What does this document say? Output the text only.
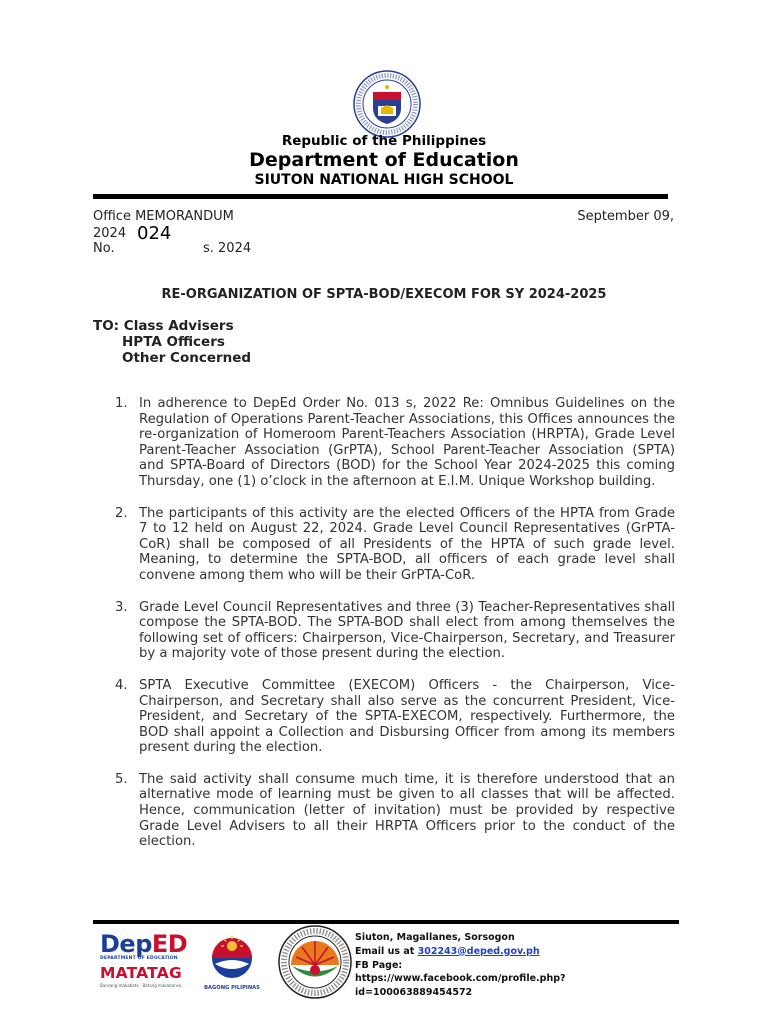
Republic of the Philippines
Department of Education
SIUTON NATIONAL HIGH SCHOOL
Office MEMORANDUM	September 09,
2024 024
No.	s. 2024
RE-ORGANIZATION OF SPTA-BOD/EXECOM FOR SY 2024-2025
TO: Class Advisers
HPTA Officers
Other Concerned
1. In adherence to DepEd Order No. 013 s, 2022 Re: Omnibus Guidelines on the Regulation of Operations Parent-Teacher Associations, this Offices announces the re-organization of Homeroom Parent-Teachers Association (HRPTA), Grade Level Parent-Teacher Association (GrPTA), School Parent-Teacher Association (SPTA) and SPTA-Board of Directors (BOD) for the School Year 2024-2025 this coming Thursday, one (1) o’clock in the afternoon at E.I.M. Unique Workshop building.
2. The participants of this activity are the elected Officers of the HPTA from Grade 7 to 12 held on August 22, 2024. Grade Level Council Representatives (GrPTA-CoR) shall be composed of all Presidents of the HPTA of such grade level. Meaning, to determine the SPTA-BOD, all officers of each grade level shall convene among them who will be their GrPTA-CoR.
3. Grade Level Council Representatives and three (3) Teacher-Representatives shall compose the SPTA-BOD. The SPTA-BOD shall elect from among themselves the following set of officers: Chairperson, Vice-Chairperson, Secretary, and Treasurer by a majority vote of those present during the election.
4. SPTA Executive Committee (EXECOM) Officers - the Chairperson, Vice-Chairperson, and Secretary shall also serve as the concurrent President, Vice-President, and Secretary of the SPTA-EXECOM, respectively. Furthermore, the BOD shall appoint a Collection and Disbursing Officer from among its members present during the election.
5. The said activity shall consume much time, it is therefore understood that an alternative mode of learning must be given to all classes that will be affected. Hence, communication (letter of invitation) must be provided by respective Grade Level Advisers to all their HRPTA Officers prior to the conduct of the election.
DepED
DEPARTMENT OF EDUCATION
MATATAG
Bansang makabata · Batang makabansa	BAGONG PILIPINAS
Siuton, Magallanes, Sorsogon
Email us at 302243@deped.gov.ph
FB Page: https://www.facebook.com/profile.php?
id=100063889454572
